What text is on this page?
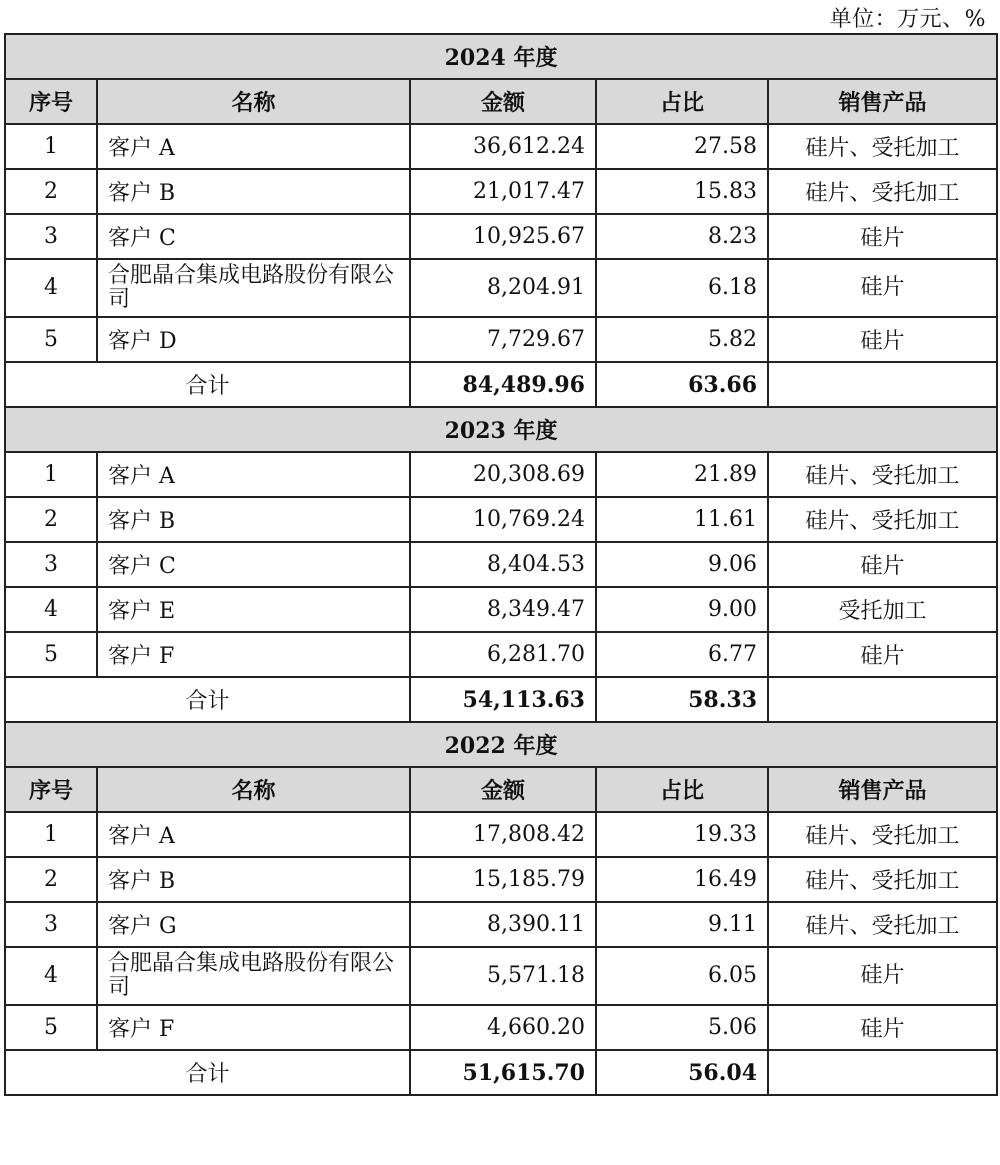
单位：万元、%
2024 年度				
序号	名称	金额	占比	销售产品
1	客户 A	36,612.24	27.58	硅片、受托加工
2	客户 B	21,017.47	15.83	硅片、受托加工
3	客户 C	10,925.67	8.23	硅片
4	合肥晶合集成电路股份有限公司	8,204.91	6.18	硅片
5	客户 D	7,729.67	5.82	硅片
合计		84,489.96	63.66	
2023 年度				
1	客户 A	20,308.69	21.89	硅片、受托加工
2	客户 B	10,769.24	11.61	硅片、受托加工
3	客户 C	8,404.53	9.06	硅片
4	客户 E	8,349.47	9.00	受托加工
5	客户 F	6,281.70	6.77	硅片
合计		54,113.63	58.33	
2022 年度				
序号	名称	金额	占比	销售产品
1	客户 A	17,808.42	19.33	硅片、受托加工
2	客户 B	15,185.79	16.49	硅片、受托加工
3	客户 G	8,390.11	9.11	硅片、受托加工
4	合肥晶合集成电路股份有限公司	5,571.18	6.05	硅片
5	客户 F	4,660.20	5.06	硅片
合计		51,615.70	56.04	
